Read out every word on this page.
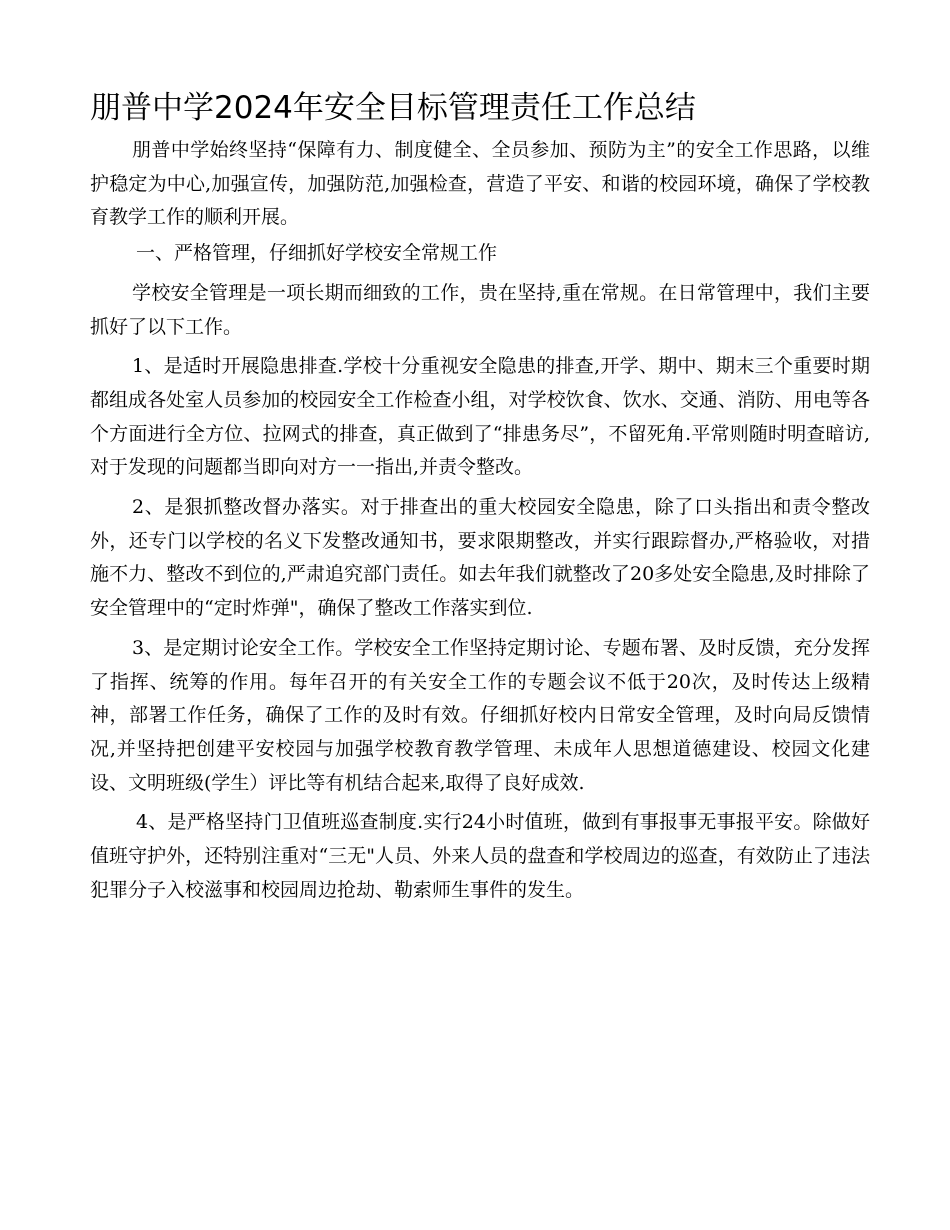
朋普中学2024年安全目标管理责任工作总结

朋普中学始终坚持“保障有力、制度健全、全员参加、预防为主”的安全工作思路，以维护稳定为中心,加强宣传，加强防范,加强检查，营造了平安、和谐的校园环境，确保了学校教育教学工作的顺利开展。

一、严格管理，仔细抓好学校安全常规工作

学校安全管理是一项长期而细致的工作，贵在坚持,重在常规。在日常管理中，我们主要抓好了以下工作。

1、是适时开展隐患排查.学校十分重视安全隐患的排查,开学、期中、期末三个重要时期都组成各处室人员参加的校园安全工作检查小组，对学校饮食、饮水、交通、消防、用电等各个方面进行全方位、拉网式的排查，真正做到了“排患务尽”，不留死角.平常则随时明查暗访,对于发现的问题都当即向对方一一指出,并责令整改。

2、是狠抓整改督办落实。对于排查出的重大校园安全隐患，除了口头指出和责令整改外，还专门以学校的名义下发整改通知书，要求限期整改，并实行跟踪督办,严格验收，对措施不力、整改不到位的,严肃追究部门责任。如去年我们就整改了20多处安全隐患,及时排除了安全管理中的“定时炸弹"，确保了整改工作落实到位.

3、是定期讨论安全工作。学校安全工作坚持定期讨论、专题布署、及时反馈，充分发挥了指挥、统筹的作用。每年召开的有关安全工作的专题会议不低于20次，及时传达上级精神，部署工作任务，确保了工作的及时有效。仔细抓好校内日常安全管理，及时向局反馈情况,并坚持把创建平安校园与加强学校教育教学管理、未成年人思想道德建设、校园文化建设、文明班级(学生）评比等有机结合起来,取得了良好成效.

4、是严格坚持门卫值班巡查制度.实行24小时值班，做到有事报事无事报平安。除做好值班守护外，还特别注重对“三无"人员、外来人员的盘查和学校周边的巡查，有效防止了违法犯罪分子入校滋事和校园周边抢劫、勒索师生事件的发生。
